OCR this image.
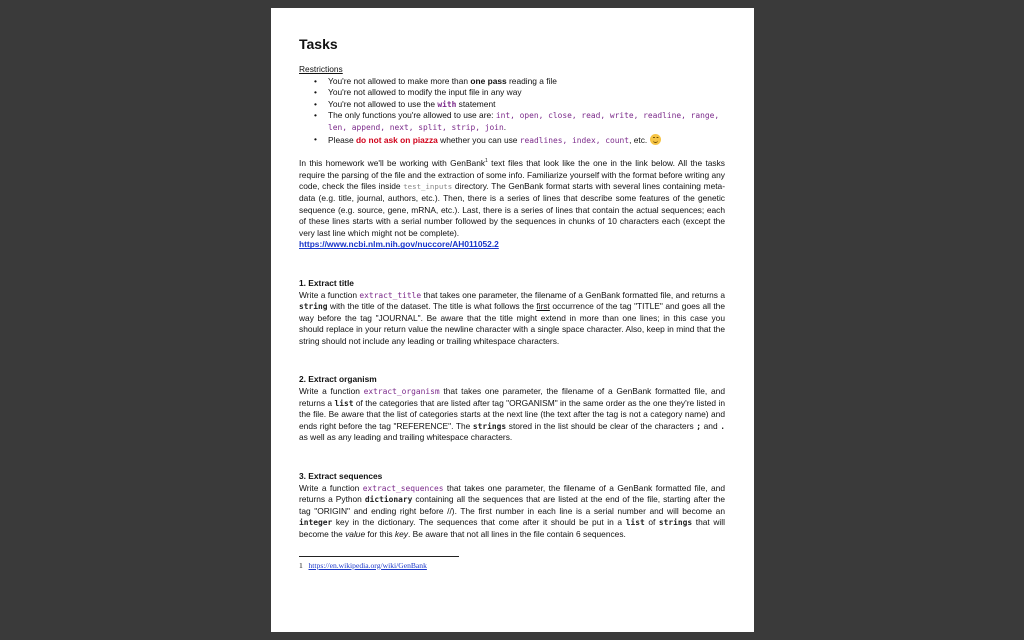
Tasks
Restrictions
• You're not allowed to make more than one pass reading a file
• You're not allowed to modify the input file in any way
• You're not allowed to use the with statement
• The only functions you're allowed to use are: int, open, close, read, write, readline, range, len, append, next, split, strip, join.
• Please do not ask on piazza whether you can use readlines, index, count, etc.

In this homework we'll be working with GenBank$^1$ text files that look like the one in the link below. All the tasks require the parsing of the file and the extraction of some info. Familiarize yourself with the format before writing any code, check the files inside test_inputs directory. The GenBank format starts with several lines containing meta-data (e.g. title, journal, authors, etc.). Then, there is a series of lines that describe some features of the genetic sequence (e.g. source, gene, mRNA, etc.). Last, there is a series of lines that contain the actual sequences; each of these lines starts with a serial number followed by the sequences in chunks of 10 characters each (except the very last line which might not be complete).

https://www.ncbi.nlm.nih.gov/nuccore/AH011052.2
1. Extract title

Write a function extract_title that takes one parameter, the filename of a GenBank formatted file, and returns a string with the title of the dataset. The title is what follows the first occurrence of the tag "TITLE" and goes all the way before the tag "JOURNAL". Be aware that the title might extend in more than one lines; in this case you should replace in your return value the newline character with a single space character. Also, keep in mind that the string should not include any leading or trailing whitespace characters.

2. Extract organism

Write a function extract_organism that takes one parameter, the filename of a GenBank formatted file, and returns a list of the categories that are listed after tag "ORGANISM" in the same order as the one they're listed in the file. Be aware that the list of categories starts at the next line (the text after the tag is not a category name) and ends right before the tag "REFERENCE". The strings stored in the list should be clear of the characters ; and . as well as any leading and trailing whitespace characters.

3. Extract sequences

Write a function extract_sequences that takes one parameter, the filename of a GenBank formatted file, and returns a Python dictionary containing all the sequences that are listed at the end of the file, starting after the tag "ORIGIN" and ending right before //). The first number in each line is a serial number and will become an integer key in the dictionary. The sequences that come after it should be put in a list of strings that will become the value for this key. Be aware that not all lines in the file contain 6 sequences.

1 https://en.wikipedia.org/wiki/GenBank
